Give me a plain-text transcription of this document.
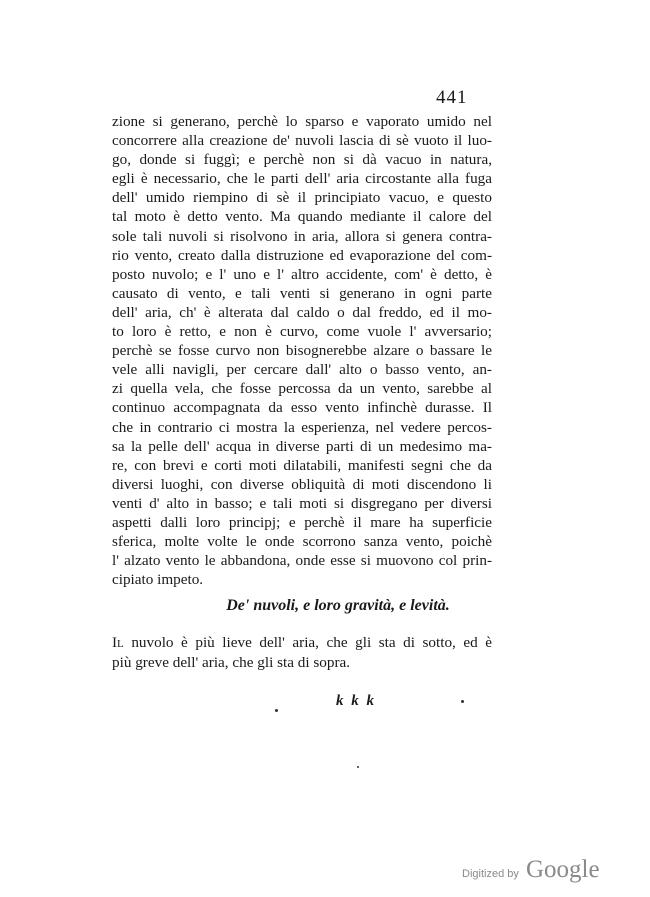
441
zione si generano, perchè lo sparso e vaporato umido nel
concorrere alla creazione de' nuvoli lascia di sè vuoto il luo-
go, donde si fuggì; e perchè non si dà vacuo in natura,
egli è necessario, che le parti dell' aria circostante alla fuga
dell' umido riempino di sè il principiato vacuo, e questo
tal moto è detto vento. Ma quando mediante il calore del
sole tali nuvoli si risolvono in aria, allora si genera contra-
rio vento, creato dalla distruzione ed evaporazione del com-
posto nuvolo; e l' uno e l' altro accidente, com' è detto, è
causato di vento, e tali venti si generano in ogni parte
dell' aria, ch' è alterata dal caldo o dal freddo, ed il mo-
to loro è retto, e non è curvo, come vuole l' avversario;
perchè se fosse curvo non bisognerebbe alzare o bassare le
vele alli navigli, per cercare dall' alto o basso vento, an-
zi quella vela, che fosse percossa da un vento, sarebbe al
continuo accompagnata da esso vento infinchè durasse. Il
che in contrario ci mostra la esperienza, nel vedere percos-
sa la pelle dell' acqua in diverse parti di un medesimo ma-
re, con brevi e corti moti dilatabili, manifesti segni che da
diversi luoghi, con diverse obliquità di moti discendono li
venti d' alto in basso; e tali moti si disgregano per diversi
aspetti dalli loro principj; e perchè il mare ha superficie
sferica, molte volte le onde scorrono sanza vento, poichè
l' alzato vento le abbandona, onde esse si muovono col prin-
cipiato impeto.
De' nuvoli, e loro gravità, e levità.
Il nuvolo è più lieve dell' aria, che gli sta di sotto, ed è
più greve dell' aria, che gli sta di sopra.
k k k
Digitized by Google
